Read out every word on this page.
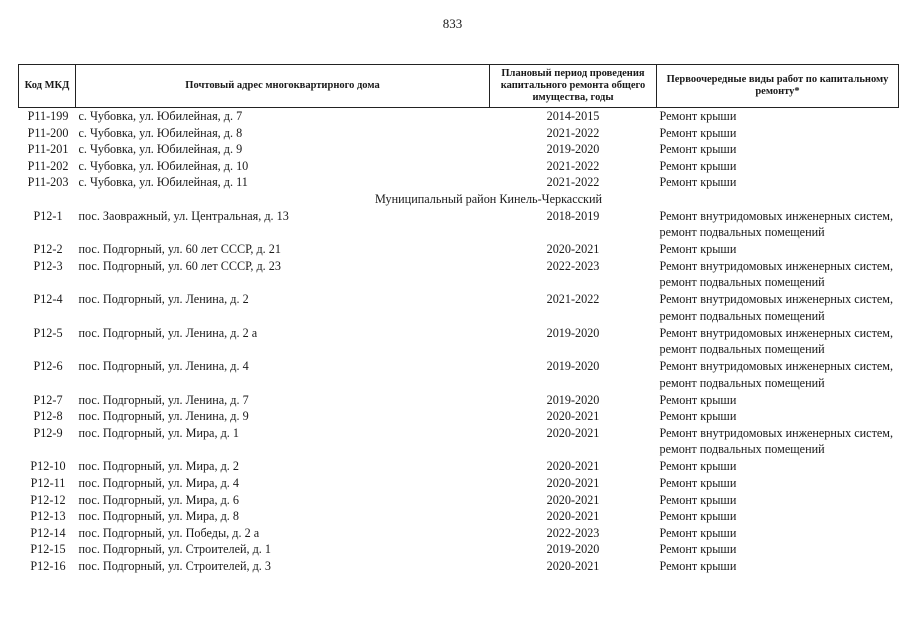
833
Код МКД	Почтовый адрес многоквартирного дома	Плановый период проведения капитального ремонта общего имущества, годы	Первоочередные виды работ по капитальному ремонту*
Р11-199	с. Чубовка, ул. Юбилейная, д. 7	2014-2015	Ремонт крыши

Р11-200	с. Чубовка, ул. Юбилейная, д. 8	2021-2022	Ремонт крыши

Р11-201	с. Чубовка, ул. Юбилейная, д. 9	2019-2020	Ремонт крыши

Р11-202	с. Чубовка, ул. Юбилейная, д. 10	2021-2022	Ремонт крыши

Р11-203	с. Чубовка, ул. Юбилейная, д. 11	2021-2022	Ремонт крыши

Муниципальный район Кинель-Черкасский			
Р12-1	пос. Заовражный, ул. Центральная, д. 13	2018-2019	Ремонт внутридомовых инженерных систем,
ремонт подвальных помещений

Р12-2	пос. Подгорный, ул. 60 лет СССР, д. 21	2020-2021	Ремонт крыши

Р12-3	пос. Подгорный, ул. 60 лет СССР, д. 23	2022-2023	Ремонт внутридомовых инженерных систем,
ремонт подвальных помещений

Р12-4	пос. Подгорный, ул. Ленина, д. 2	2021-2022	Ремонт внутридомовых инженерных систем,
ремонт подвальных помещений

Р12-5	пос. Подгорный, ул. Ленина, д. 2 а	2019-2020	Ремонт внутридомовых инженерных систем,
ремонт подвальных помещений

Р12-6	пос. Подгорный, ул. Ленина, д. 4	2019-2020	Ремонт внутридомовых инженерных систем,
ремонт подвальных помещений

Р12-7	пос. Подгорный, ул. Ленина, д. 7	2019-2020	Ремонт крыши

Р12-8	пос. Подгорный, ул. Ленина, д. 9	2020-2021	Ремонт крыши

Р12-9	пос. Подгорный, ул. Мира, д. 1	2020-2021	Ремонт внутридомовых инженерных систем,
ремонт подвальных помещений

Р12-10	пос. Подгорный, ул. Мира, д. 2	2020-2021	Ремонт крыши

Р12-11	пос. Подгорный, ул. Мира, д. 4	2020-2021	Ремонт крыши

Р12-12	пос. Подгорный, ул. Мира, д. 6	2020-2021	Ремонт крыши

Р12-13	пос. Подгорный, ул. Мира, д. 8	2020-2021	Ремонт крыши

Р12-14	пос. Подгорный, ул. Победы, д. 2 а	2022-2023	Ремонт крыши

Р12-15	пос. Подгорный, ул. Строителей, д. 1	2019-2020	Ремонт крыши

Р12-16	пос. Подгорный, ул. Строителей, д. 3	2020-2021	Ремонт крыши
